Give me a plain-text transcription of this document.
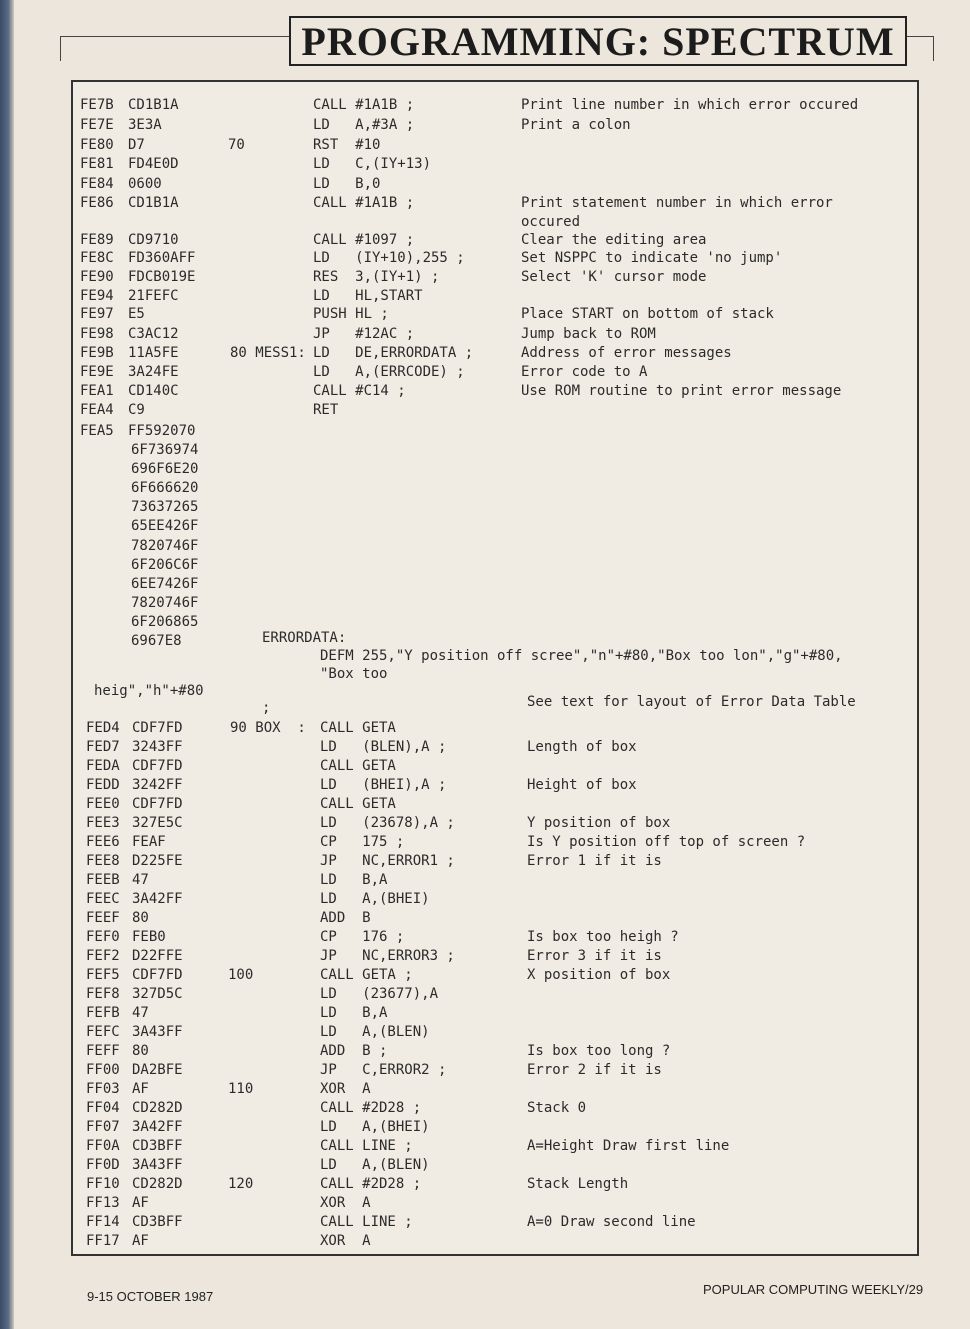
PROGRAMMING: SPECTRUM
FE7B CD1B1A	CALL #1A1B ;	Print line number in which error occured
FE7E 3E3A	LD   A,#3A ;	Print a colon
FE80 D7	70	RST  #10
FE81 FD4E0D	LD   C,(IY+13)
FE84 0600	LD   B,0
FE86 CD1B1A	CALL #1A1B ;	Print statement number in which error
occured
FE89 CD9710	CALL #1097 ;	Clear the editing area
FE8C FD360AFF	LD   (IY+10),255 ;	Set NSPPC to indicate 'no jump'
FE90 FDCB019E	RES  3,(IY+1) ;	Select 'K' cursor mode
FE94 21FEFC	LD   HL,START
FE97 E5	PUSH HL ;	Place START on bottom of stack
FE98 C3AC12	JP   #12AC ;	Jump back to ROM
FE9B 11A5FE	80 MESS1: LD   DE,ERRORDATA ;	Address of error messages
FE9E 3A24FE	LD   A,(ERRCODE) ;	Error code to A
FEA1 CD140C	CALL #C14 ;	Use ROM routine to print error message
FEA4 C9	RET
FEA5 FF592070
6F736974
696F6E20
6F666620
73637265
65EE426F
7820746F
6F206C6F
6EE7426F
7820746F
6F206865
6967E8	ERRORDATA:
DEFM 255,"Y position off scree","n"+#80,"Box too lon","g"+#80,
"Box too
heig","h"+#80
;	See text for layout of Error Data Table
FED4 CDF7FD	90 BOX  : CALL GETA
FED7 3243FF	LD   (BLEN),A ;	Length of box
FEDA CDF7FD	CALL GETA
FEDD 3242FF	LD   (BHEI),A ;	Height of box
FEE0 CDF7FD	CALL GETA
FEE3 327E5C	LD   (23678),A ;	Y position of box
FEE6 FEAF	CP   175 ;	Is Y position off top of screen ?
FEE8 D225FE	JP   NC,ERROR1 ;	Error 1 if it is
FEEB 47	LD   B,A
FEEC 3A42FF	LD   A,(BHEI)
FEEF 80	ADD  B
FEF0 FEB0	CP   176 ;	Is box too heigh ?
FEF2 D22FFE	JP   NC,ERROR3 ;	Error 3 if it is
FEF5 CDF7FD	100	CALL GETA ;	X position of box
FEF8 327D5C	LD   (23677),A
FEFB 47	LD   B,A
FEFC 3A43FF	LD   A,(BLEN)
FEFF 80	ADD  B ;	Is box too long ?
FF00 DA2BFE	JP   C,ERROR2 ;	Error 2 if it is
FF03 AF	110	XOR  A
FF04 CD282D	CALL #2D28 ;	Stack 0
FF07 3A42FF	LD   A,(BHEI)
FF0A CD3BFF	CALL LINE ;	A=Height Draw first line
FF0D 3A43FF	LD   A,(BLEN)
FF10 CD282D	120	CALL #2D28 ;	Stack Length
FF13 AF	XOR  A
FF14 CD3BFF	CALL LINE ;	A=0 Draw second line
FF17 AF	XOR  A
9-15 OCTOBER 1987	POPULAR COMPUTING WEEKLY/29
